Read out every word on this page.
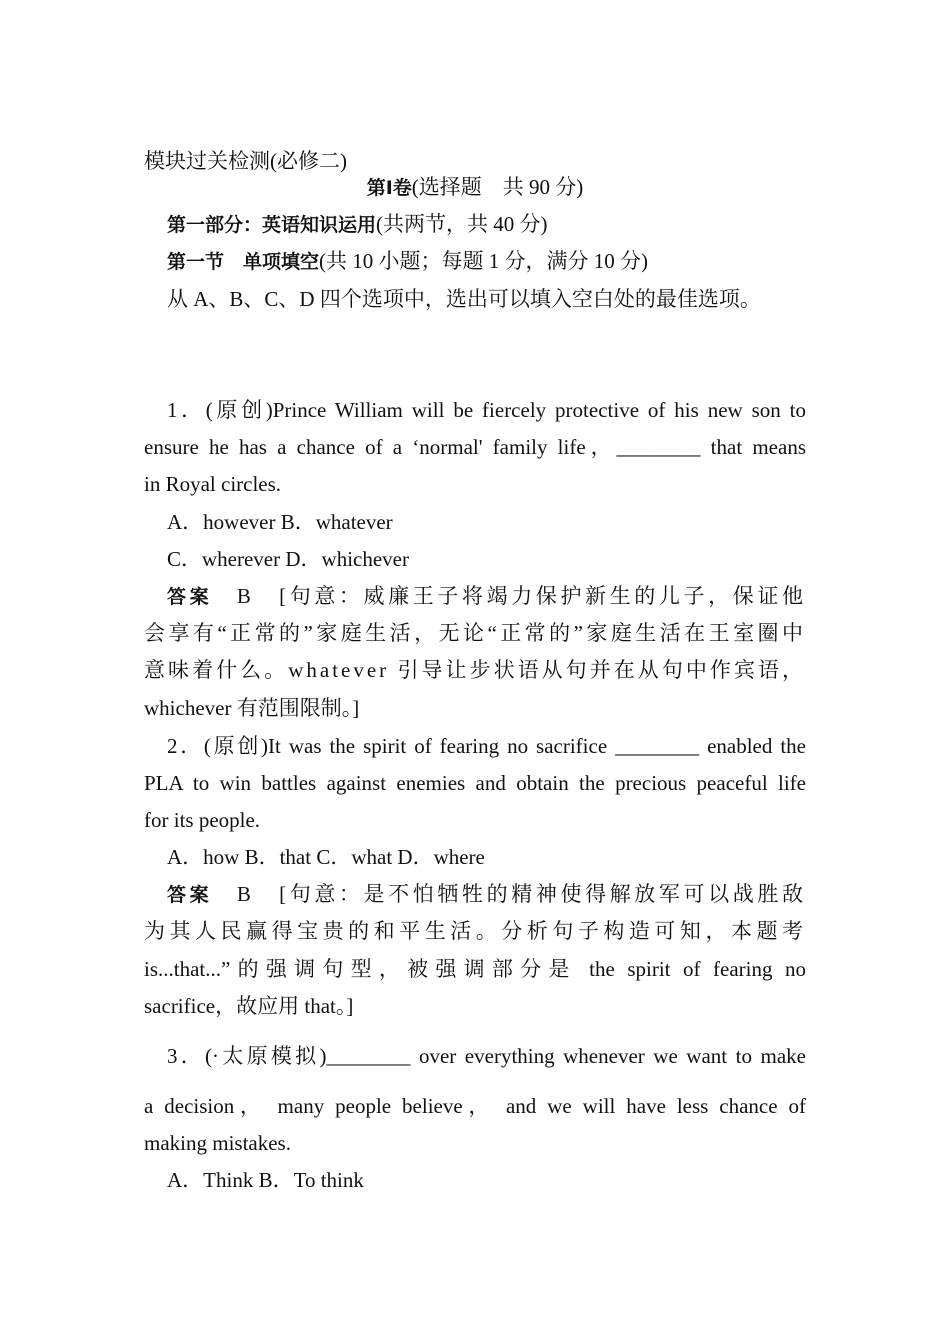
模块过关检测(必修二)
第Ⅰ卷(选择题　共 90 分)
第一部分：英语知识运用(共两节，共 40 分)
第一节　单项填空(共 10 小题；每题 1 分，满分 10 分)
从 A、B、C、D 四个选项中，选出可以填入空白处的最佳选项。
1．(原创)Prince William will be fiercely protective of his new son to
ensure he has a chance of a ‘normal' family life，________ that means
in Royal circles.
A．however B．whatever
C．wherever D．whichever
答案　 B　[句意：威廉王子将竭力保护新生的儿子，保证他
会享有“正常的”家庭生活，无论“正常的”家庭生活在王室圈中
意味着什么。whatever 引导让步状语从句并在从句中作宾语，
whichever 有范围限制。]
2．(原创)It was the spirit of fearing no sacrifice ________ enabled the
PLA to win battles against enemies and obtain the precious peaceful life
for its people.
A．how B．that C．what D．where
答案　 B　[句意：是不怕牺牲的精神使得解放军可以战胜敌
为其人民赢得宝贵的和平生活。分析句子构造可知，本题考
is...that...”的强调句型，被强调部分是 the spirit of fearing no
sacrifice，故应用 that。]
3．(·太原模拟)________ over everything whenever we want to make
a decision， many people believe， and we will have less chance of
making mistakes.
A．Think B．To think
